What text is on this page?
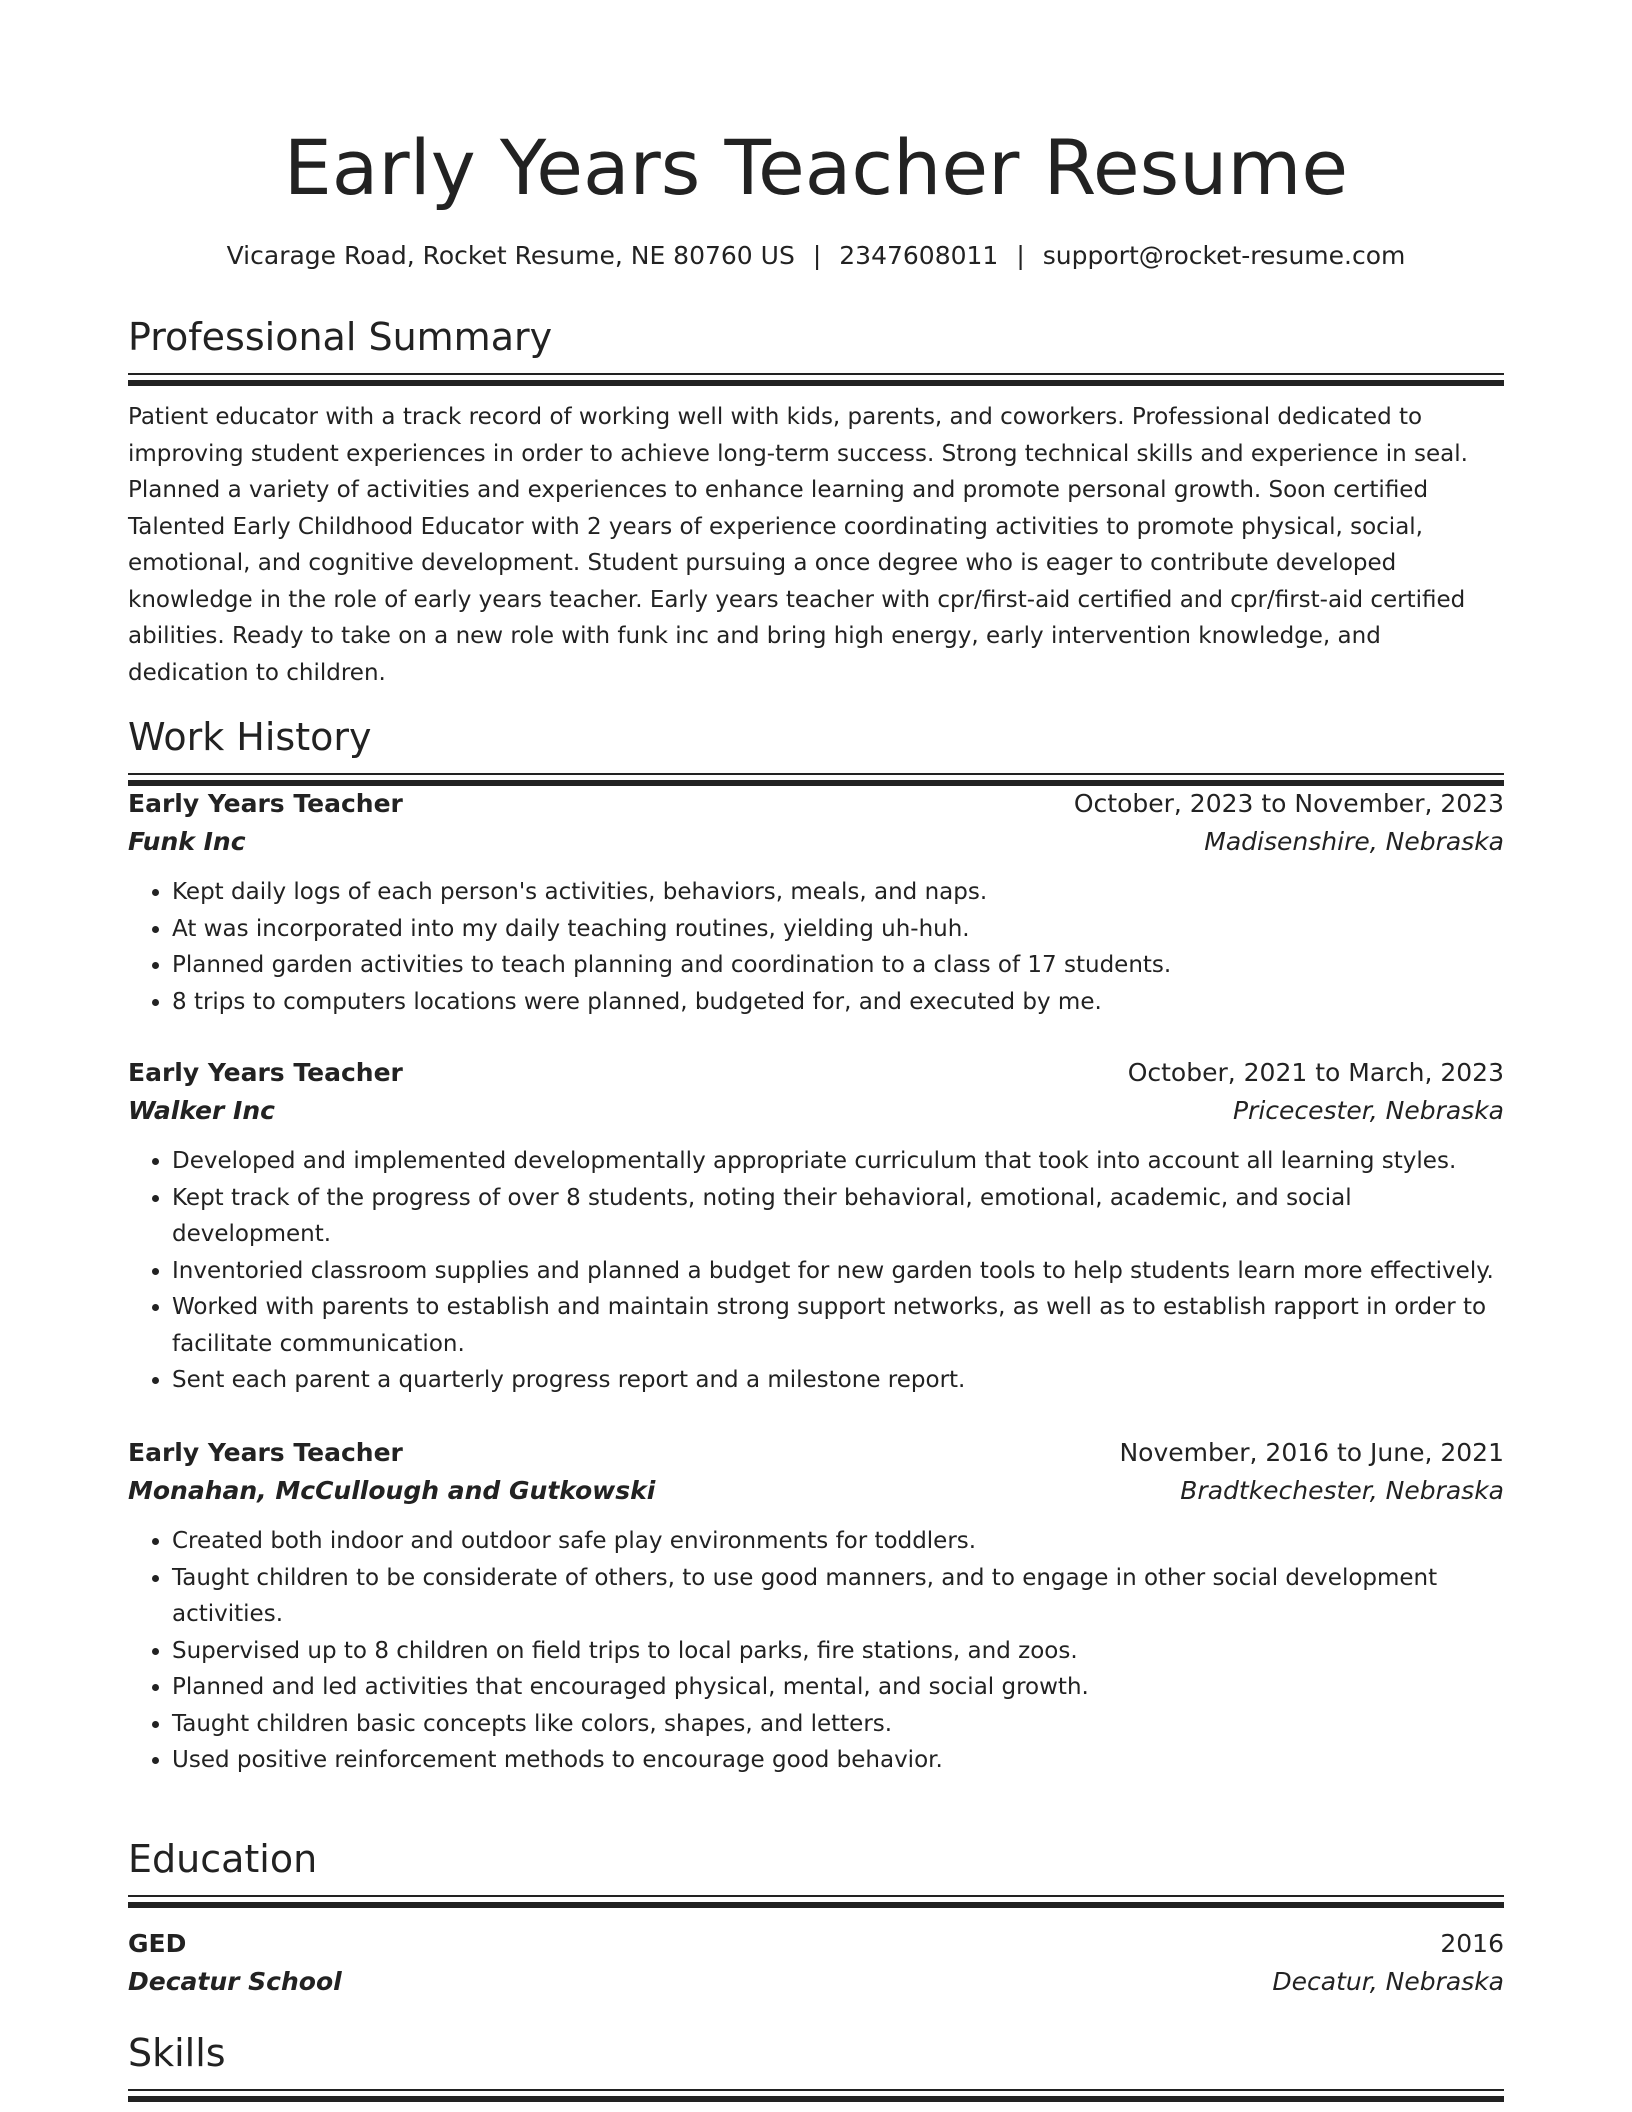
Early Years Teacher Resume
Vicarage Road, Rocket Resume, NE 80760 US | 2347608011 | support@rocket-resume.com
Professional Summary

Patient educator with a track record of working well with kids, parents, and coworkers. Professional dedicated to improving student experiences in order to achieve long-term success. Strong technical skills and experience in seal. Planned a variety of activities and experiences to enhance learning and promote personal growth. Soon certified Talented Early Childhood Educator with 2 years of experience coordinating activities to promote physical, social, emotional, and cognitive development. Student pursuing a once degree who is eager to contribute developed knowledge in the role of early years teacher. Early years teacher with cpr/first-aid certified and cpr/first-aid certified abilities. Ready to take on a new role with funk inc and bring high energy, early intervention knowledge, and dedication to children.

Work History
Early Years Teacher	October, 2023 to November, 2023
Funk Inc	Madisenshire, Nebraska
• Kept daily logs of each person's activities, behaviors, meals, and naps.
• At was incorporated into my daily teaching routines, yielding uh-huh.
• Planned garden activities to teach planning and coordination to a class of 17 students.
• 8 trips to computers locations were planned, budgeted for, and executed by me.
Early Years Teacher	October, 2021 to March, 2023
Walker Inc	Pricecester, Nebraska
• Developed and implemented developmentally appropriate curriculum that took into account all learning styles.
• Kept track of the progress of over 8 students, noting their behavioral, emotional, academic, and social development.
• Inventoried classroom supplies and planned a budget for new garden tools to help students learn more effectively.
• Worked with parents to establish and maintain strong support networks, as well as to establish rapport in order to facilitate communication.
• Sent each parent a quarterly progress report and a milestone report.
Early Years Teacher	November, 2016 to June, 2021
Monahan, McCullough and Gutkowski	Bradtkechester, Nebraska
• Created both indoor and outdoor safe play environments for toddlers.
• Taught children to be considerate of others, to use good manners, and to engage in other social development activities.
• Supervised up to 8 children on field trips to local parks, fire stations, and zoos.
• Planned and led activities that encouraged physical, mental, and social growth.
• Taught children basic concepts like colors, shapes, and letters.
• Used positive reinforcement methods to encourage good behavior.
Education
GED	2016
Decatur School	Decatur, Nebraska
Skills
